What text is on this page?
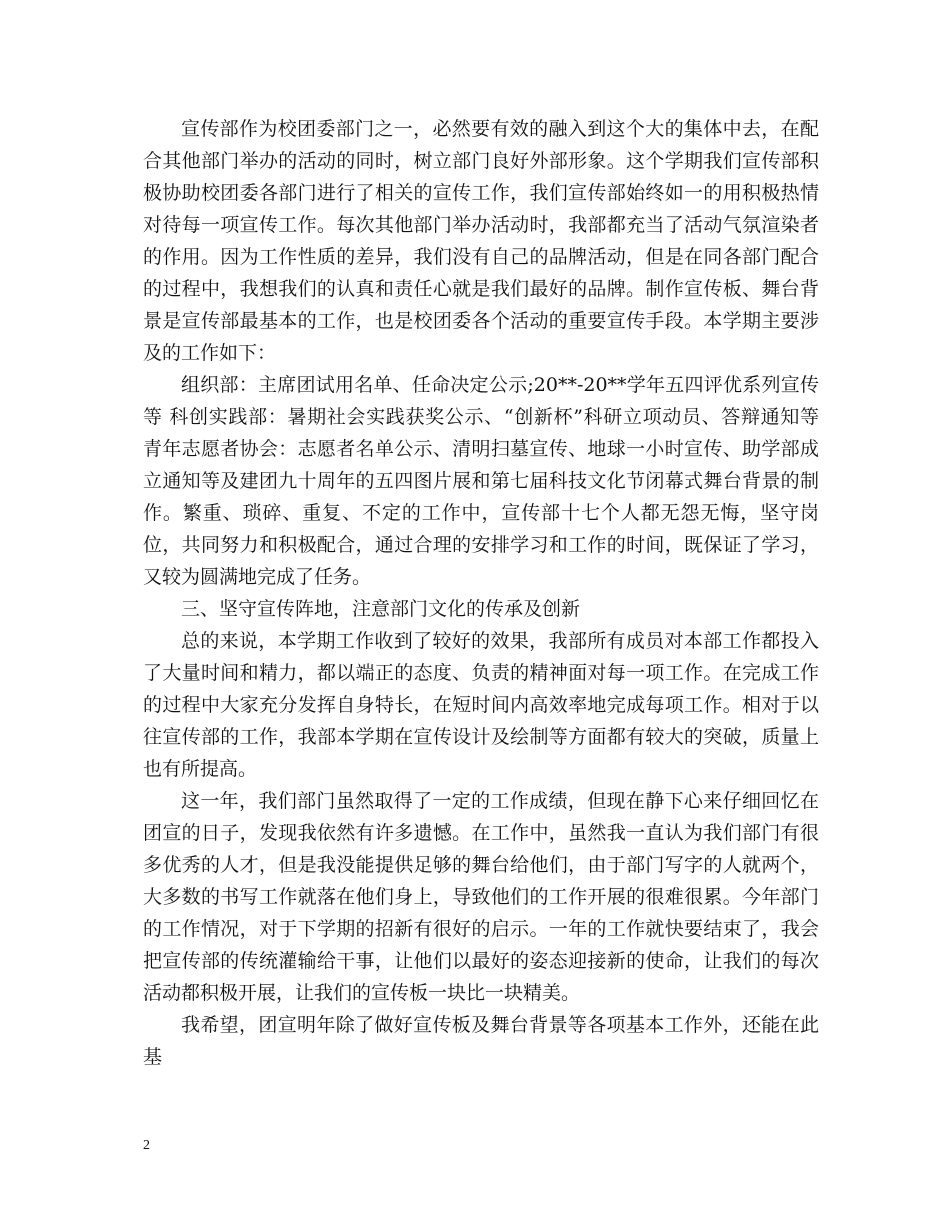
宣传部作为校团委部门之一，必然要有效的融入到这个大的集体中去，在配合其他部门举办的活动的同时，树立部门良好外部形象。这个学期我们宣传部积极协助校团委各部门进行了相关的宣传工作，我们宣传部始终如一的用积极热情对待每一项宣传工作。每次其他部门举办活动时，我部都充当了活动气氛渲染者的作用。因为工作性质的差异，我们没有自己的品牌活动，但是在同各部门配合的过程中，我想我们的认真和责任心就是我们最好的品牌。制作宣传板、舞台背景是宣传部最基本的工作，也是校团委各个活动的重要宣传手段。本学期主要涉及的工作如下：

组织部：主席团试用名单、任命决定公示;20**-20**学年五四评优系列宣传等 科创实践部：暑期社会实践获奖公示、“创新杯”科研立项动员、答辩通知等 青年志愿者协会：志愿者名单公示、清明扫墓宣传、地球一小时宣传、助学部成立通知等及建团九十周年的五四图片展和第七届科技文化节闭幕式舞台背景的制作。繁重、琐碎、重复、不定的工作中，宣传部十七个人都无怨无悔，坚守岗位，共同努力和积极配合，通过合理的安排学习和工作的时间，既保证了学习，又较为圆满地完成了任务。

三、坚守宣传阵地，注意部门文化的传承及创新

总的来说，本学期工作收到了较好的效果，我部所有成员对本部工作都投入了大量时间和精力，都以端正的态度、负责的精神面对每一项工作。在完成工作的过程中大家充分发挥自身特长，在短时间内高效率地完成每项工作。相对于以往宣传部的工作，我部本学期在宣传设计及绘制等方面都有较大的突破，质量上也有所提高。

这一年，我们部门虽然取得了一定的工作成绩，但现在静下心来仔细回忆在团宣的日子，发现我依然有许多遗憾。在工作中，虽然我一直认为我们部门有很多优秀的人才，但是我没能提供足够的舞台给他们，由于部门写字的人就两个，大多数的书写工作就落在他们身上，导致他们的工作开展的很难很累。今年部门的工作情况，对于下学期的招新有很好的启示。一年的工作就快要结束了，我会把宣传部的传统灌输给干事，让他们以最好的姿态迎接新的使命，让我们的每次活动都积极开展，让我们的宣传板一块比一块精美。

我希望，团宣明年除了做好宣传板及舞台背景等各项基本工作外，还能在此基

2
